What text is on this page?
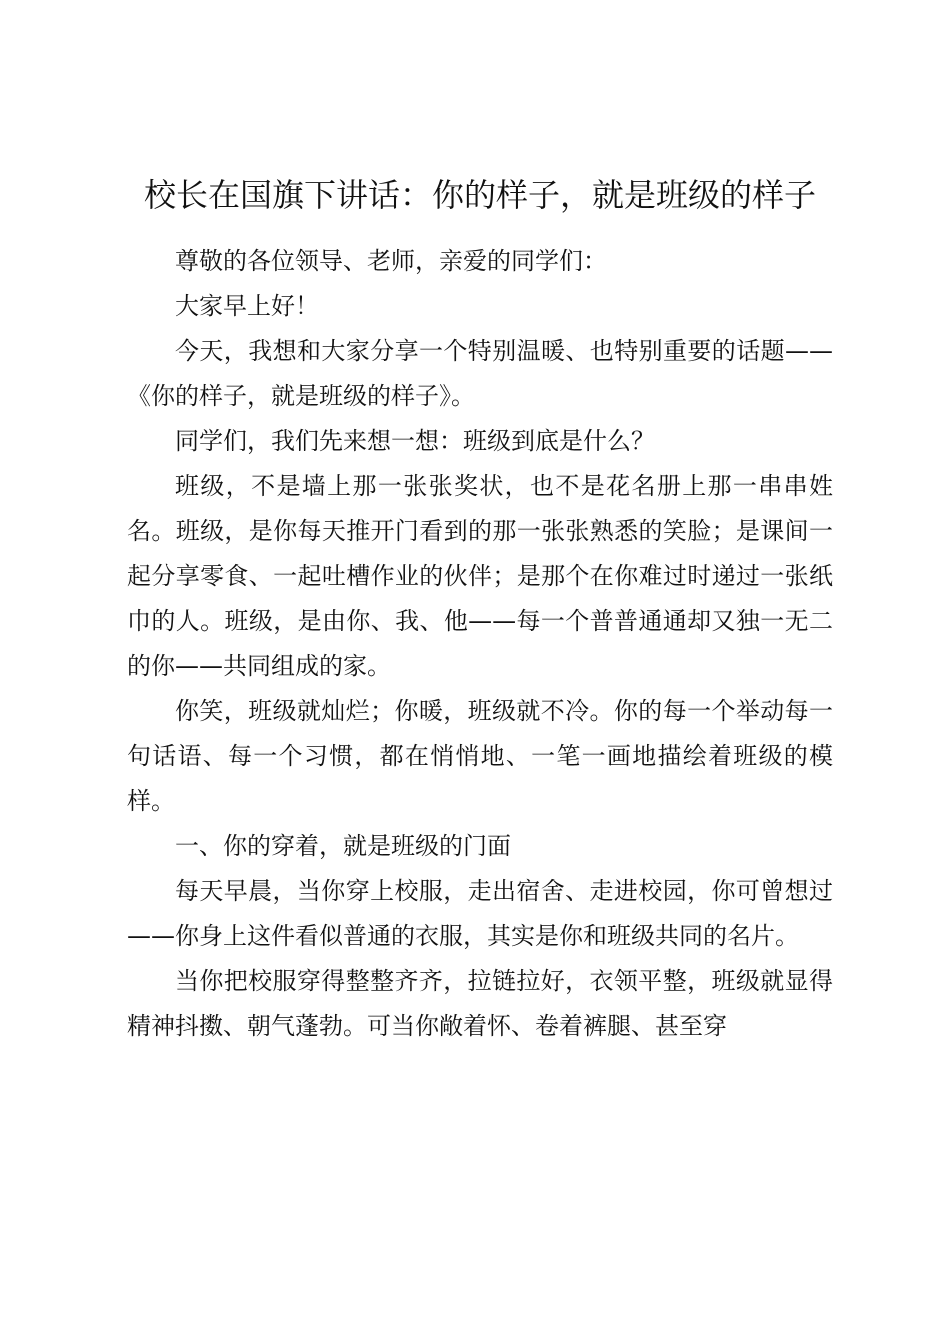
校长在国旗下讲话：你的样子，就是班级的样子

尊敬的各位领导、老师，亲爱的同学们：

大家早上好！

今天，我想和大家分享一个特别温暖、也特别重要的话题——《你的样子，就是班级的样子》。

同学们，我们先来想一想：班级到底是什么？

班级，不是墙上那一张张奖状，也不是花名册上那一串串姓名。班级，是你每天推开门看到的那一张张熟悉的笑脸；是课间一起分享零食、一起吐槽作业的伙伴；是那个在你难过时递过一张纸巾的人。班级，是由你、我、他——每一个普普通通却又独一无二的你——共同组成的家。

你笑，班级就灿烂；你暖，班级就不冷。你的每一个举动每一句话语、每一个习惯，都在悄悄地、一笔一画地描绘着班级的模样。

一、你的穿着，就是班级的门面

每天早晨，当你穿上校服，走出宿舍、走进校园，你可曾想过——你身上这件看似普通的衣服，其实是你和班级共同的名片。

当你把校服穿得整整齐齐，拉链拉好，衣领平整，班级就显得精神抖擞、朝气蓬勃。可当你敞着怀、卷着裤腿、甚至穿
